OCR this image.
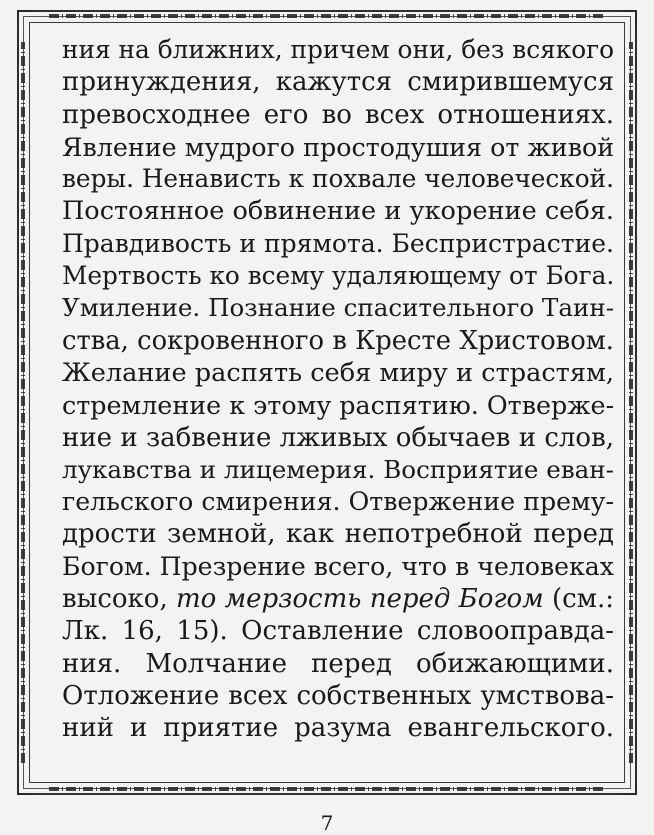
ния на ближних, причем они, без всякого
принуждения, кажутся смирившемуся
превосходнее его во всех отношениях.
Явление мудрого простодушия от живой
веры. Ненависть к похвале человеческой.
Постоянное обвинение и укорение себя.
Правдивость и прямота. Беспристрастие.
Мертвость ко всему удаляющему от Бога.
Умиление. Познание спасительного Таин-
ства, сокровенного в Кресте Христовом.
Желание распять себя миру и страстям,
стремление к этому распятию. Отверже-
ние и забвение лживых обычаев и слов,
лукавства и лицемерия. Восприятие еван-
гельского смирения. Отвержение прему-
дрости земной, как непотребной перед
Богом. Презрение всего, что в человеках
высоко, то мерзость перед Богом (см.:
Лк. 16, 15). Оставление словооправда-
ния. Молчание перед обижающими.
Отложение всех собственных умствова-
ний и приятие разума евангельского.
7
